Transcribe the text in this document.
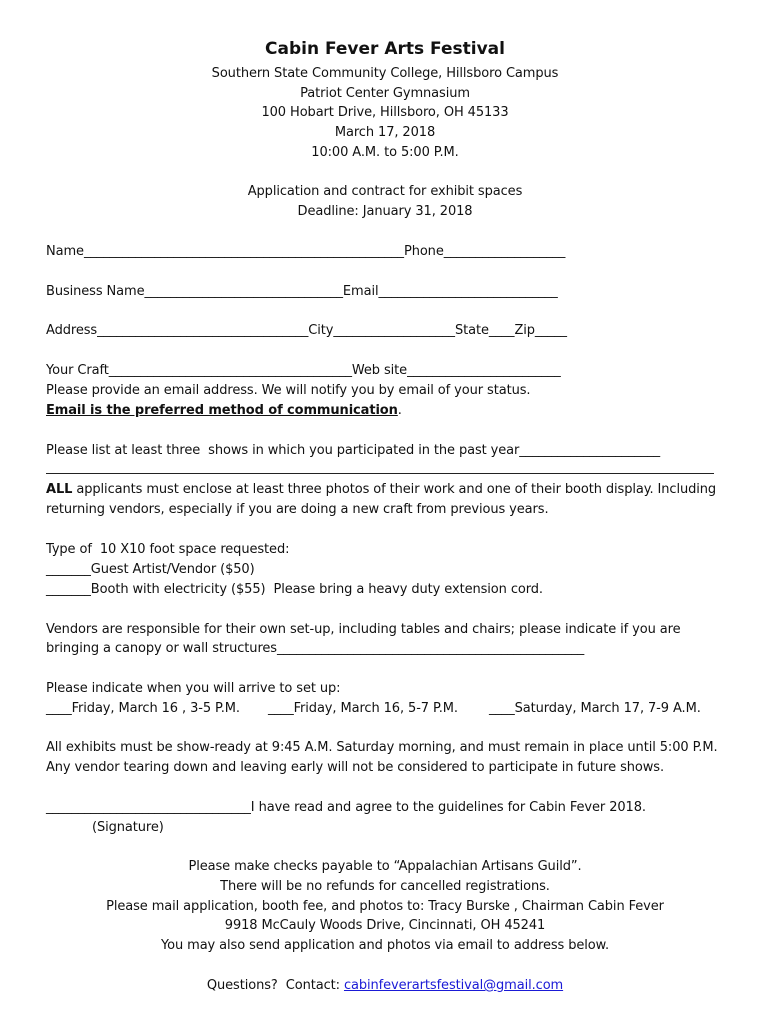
Cabin Fever Arts Festival
Southern State Community College, Hillsboro Campus
Patriot Center Gymnasium
100 Hobart Drive, Hillsboro, OH 45133
March 17, 2018
10:00 A.M. to 5:00 P.M.
Application and contract for exhibit spaces
Deadline: January 31, 2018
Name__________________________________________________Phone___________________
Business Name_______________________________Email____________________________
Address_________________________________City___________________State____Zip_____
Your Craft______________________________________Web site________________________
Please provide an email address. We will notify you by email of your status.
Email is the preferred method of communication.
Please list at least three  shows in which you participated in the past year______________________
ALL applicants must enclose at least three photos of their work and one of their booth display. Including
returning vendors, especially if you are doing a new craft from previous years.
Type of  10 X10 foot space requested:
_______Guest Artist/Vendor ($50)
_______Booth with electricity ($55)  Please bring a heavy duty extension cord.
Vendors are responsible for their own set-up, including tables and chairs; please indicate if you are
bringing a canopy or wall structures________________________________________________
Please indicate when you will arrive to set up:
____Friday, March 16 , 3-5 P.M. ____Friday, March 16, 5-7 P.M. ____Saturday, March 17, 7-9 A.M.
All exhibits must be show-ready at 9:45 A.M. Saturday morning, and must remain in place until 5:00 P.M.
Any vendor tearing down and leaving early will not be considered to participate in future shows.
________________________________I have read and agree to the guidelines for Cabin Fever 2018.
(Signature)
Please make checks payable to “Appalachian Artisans Guild”.
There will be no refunds for cancelled registrations.
Please mail application, booth fee, and photos to: Tracy Burske , Chairman Cabin Fever
9918 McCauly Woods Drive, Cincinnati, OH 45241
You may also send application and photos via email to address below.
Questions?  Contact: cabinfeverartsfestival@gmail.com
